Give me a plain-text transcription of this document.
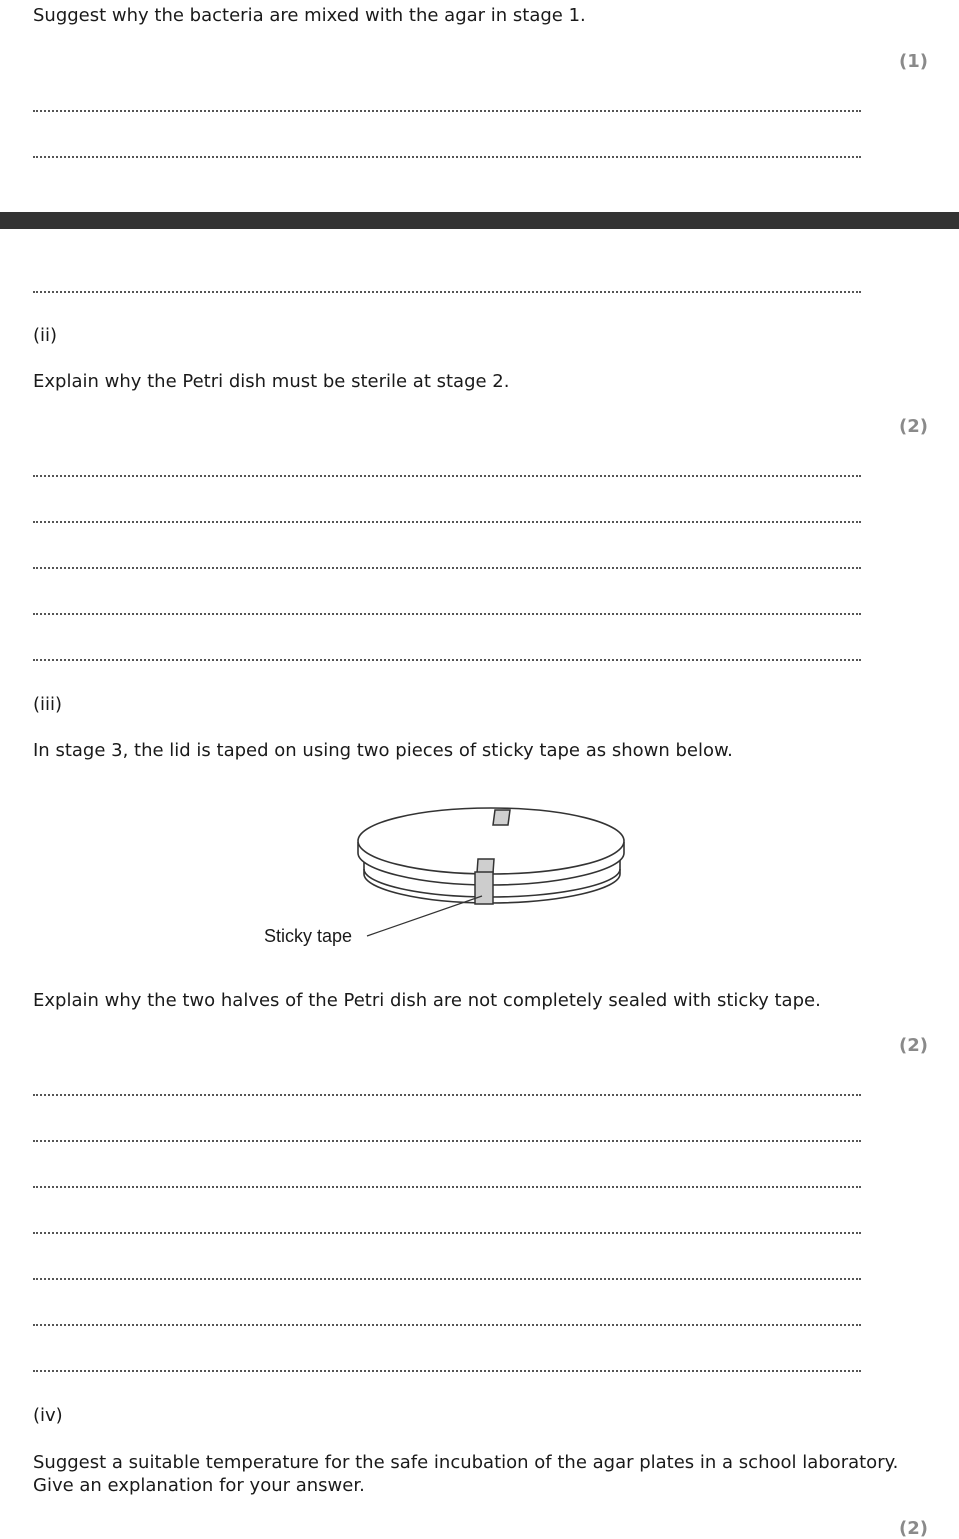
Suggest why the bacteria are mixed with the agar in stage 1.
(1)
(ii)
Explain why the Petri dish must be sterile at stage 2.
(2)
(iii)
In stage 3, the lid is taped on using two pieces of sticky tape as shown below.
Sticky tape
Explain why the two halves of the Petri dish are not completely sealed with sticky tape.
(2)
(iv)
Suggest a suitable temperature for the safe incubation of the agar plates in a school laboratory.
Give an explanation for your answer.
(2)
